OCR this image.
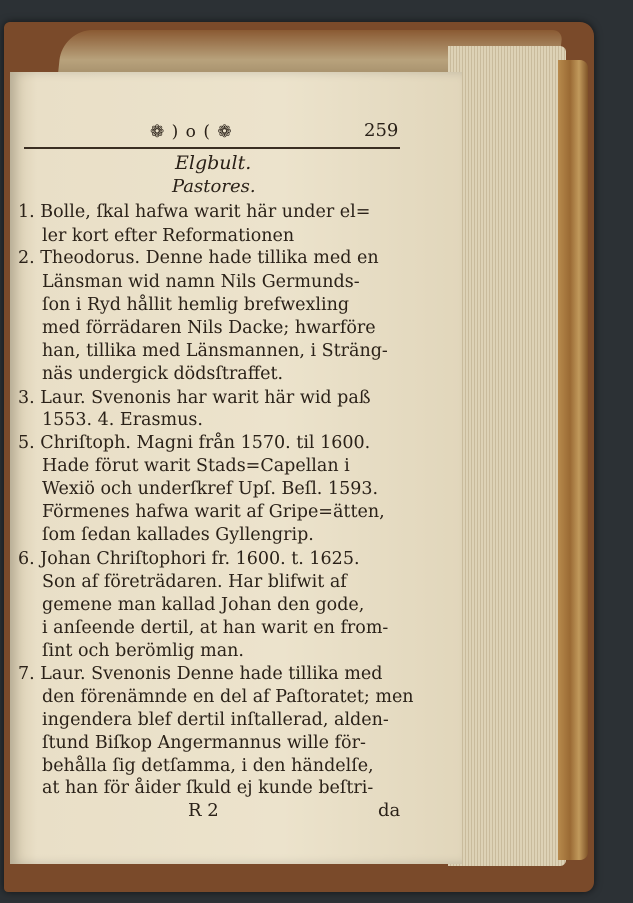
❁ ) o ( ❁	259
Elgbult.
Pastores.
1. Bolle, ſkal hafwa warit här under el=
ler kort efter Reformationen
2. Theodorus. Denne hade tillika med en
Länsman wid namn Nils Germunds-
ſon i Ryd hållit hemlig brefwexling
med förrädaren Nils Dacke; hwarföre
han, tillika med Länsmannen, i Sträng-
näs undergick dödsſtraffet.
3. Laur. Svenonis har warit här wid paß
1553. 4. Erasmus.
5. Chriſtoph. Magni från 1570. til 1600.
Hade förut warit Stads=Capellan i
Wexiö och underſkref Upſ. Beſl. 1593.
Förmenes hafwa warit af Gripe=ätten,
ſom ſedan kallades Gyllengrip.
6. Johan Chriſtophori fr. 1600. t. 1625.
Son af företrädaren. Har blifwit af
gemene man kallad Johan den gode,
i anſeende dertil, at han warit en from-
ſint och berömlig man.
7. Laur. Svenonis Denne hade tillika med
den förenämnde en del af Paſtoratet; men
ingendera blef dertil inſtallerad, alden-
ſtund Biſkop Angermannus wille för-
behålla ſig detſamma, i den händelſe,
at han för åider ſkuld ej kunde beſtri-
R 2	da
